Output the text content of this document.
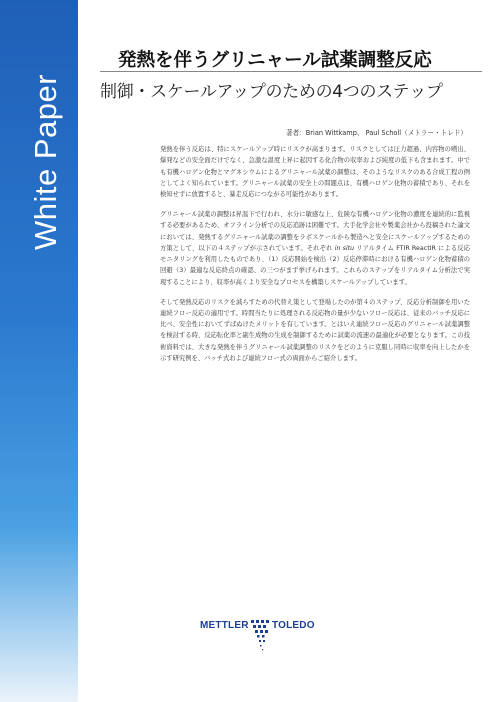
White Paper
発熱を伴うグリニャール試薬調整反応
制御・スケールアップのための4つのステップ
著者：Brian Wittkamp、 Paul Scholl（メトラー・トレド）

発熱を伴う反応は、特にスケールアップ時にリスクが高まります。リスクとしては圧力超過、内容物の噴出、爆発などの安全面だけでなく、急激な温度上昇に起因する化合物の収率および純度の低下も含まれます。中でも有機ハロゲン化物とマグネシウムによるグリニャール試薬の調整は、そのようなリスクのある合成工程の例としてよく知られています。グリニャール試薬の安全上の問題点は、有機ハロゲン化物の蓄積であり、それを検知せずに放置すると、暴走反応につながる可能性があります。

グリニャール試薬の調整は昇温下で行われ、水分に敏感な上、危険な有機ハロゲン化物の濃度を連続的に監視する必要があるため、オフライン分析での反応追跡は困難です。大手化学会社や製薬会社から投稿された論文においては、発熱するグリニャール試薬の調整をラボスケールから製造へと安全にスケールアップするための方策として、以下の４ステップが示されています。それぞれ in situ リアルタイム FTIR ReactIR による反応モニタリングを利用したものであり、（1）反応開始を検出（2）反応停滞時における有機ハロゲン化物蓄積の回避（3）最適な反応終点の確認、の三つがまず挙げられます。これらのステップをリアルタイム分析法で実現することにより、収率が高くより安全なプロセスを構築しスケールアップしています。

そして発熱反応のリスクを減らすための代替え策として登場したのが第４のステップ、反応分析制御を用いた連続フロー反応の適用です。時間当たりに処理される反応物の量が少ないフロー反応は、従来のバッチ反応に比べ、安全性においてずばぬけたメリットを有しています。とはいえ連続フロー反応のグリニャール試薬調整を検討する時、反応転化率と副生成物の生成を制御するために試薬の流速の最適化が必要となります。この技術資料では、大きな発熱を伴うグリニャール試薬調整のリスクをどのように克服し同時に収率を向上したかを示す研究例を、バッチ式および連続フロー式の両面からご紹介します。

METTLER TOLEDO
